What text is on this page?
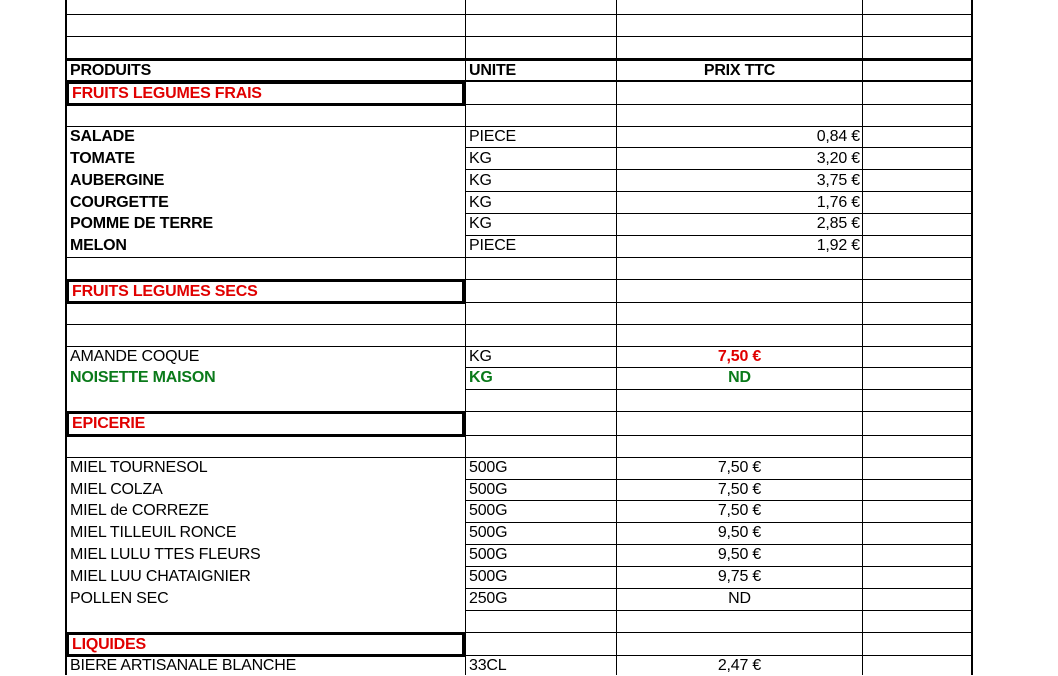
PRODUITS	UNITE	PRIX TTC
FRUITS LEGUMES FRAIS
SALADE	PIECE	0,84 €
TOMATE	KG	3,20 €
AUBERGINE	KG	3,75 €
COURGETTE	KG	1,76 €
POMME DE TERRE	KG	2,85 €
MELON	PIECE	1,92 €
FRUITS LEGUMES SECS
AMANDE COQUE	KG	7,50 €
NOISETTE MAISON	KG	ND
EPICERIE
MIEL TOURNESOL	500G	7,50 €
MIEL COLZA	500G	7,50 €
MIEL de CORREZE	500G	7,50 €
MIEL TILLEUIL RONCE	500G	9,50 €
MIEL LULU TTES FLEURS	500G	9,50 €
MIEL LUU CHATAIGNIER	500G	9,75 €
POLLEN SEC	250G	ND
LIQUIDES
BIERE ARTISANALE BLANCHE	33CL	2,47 €
